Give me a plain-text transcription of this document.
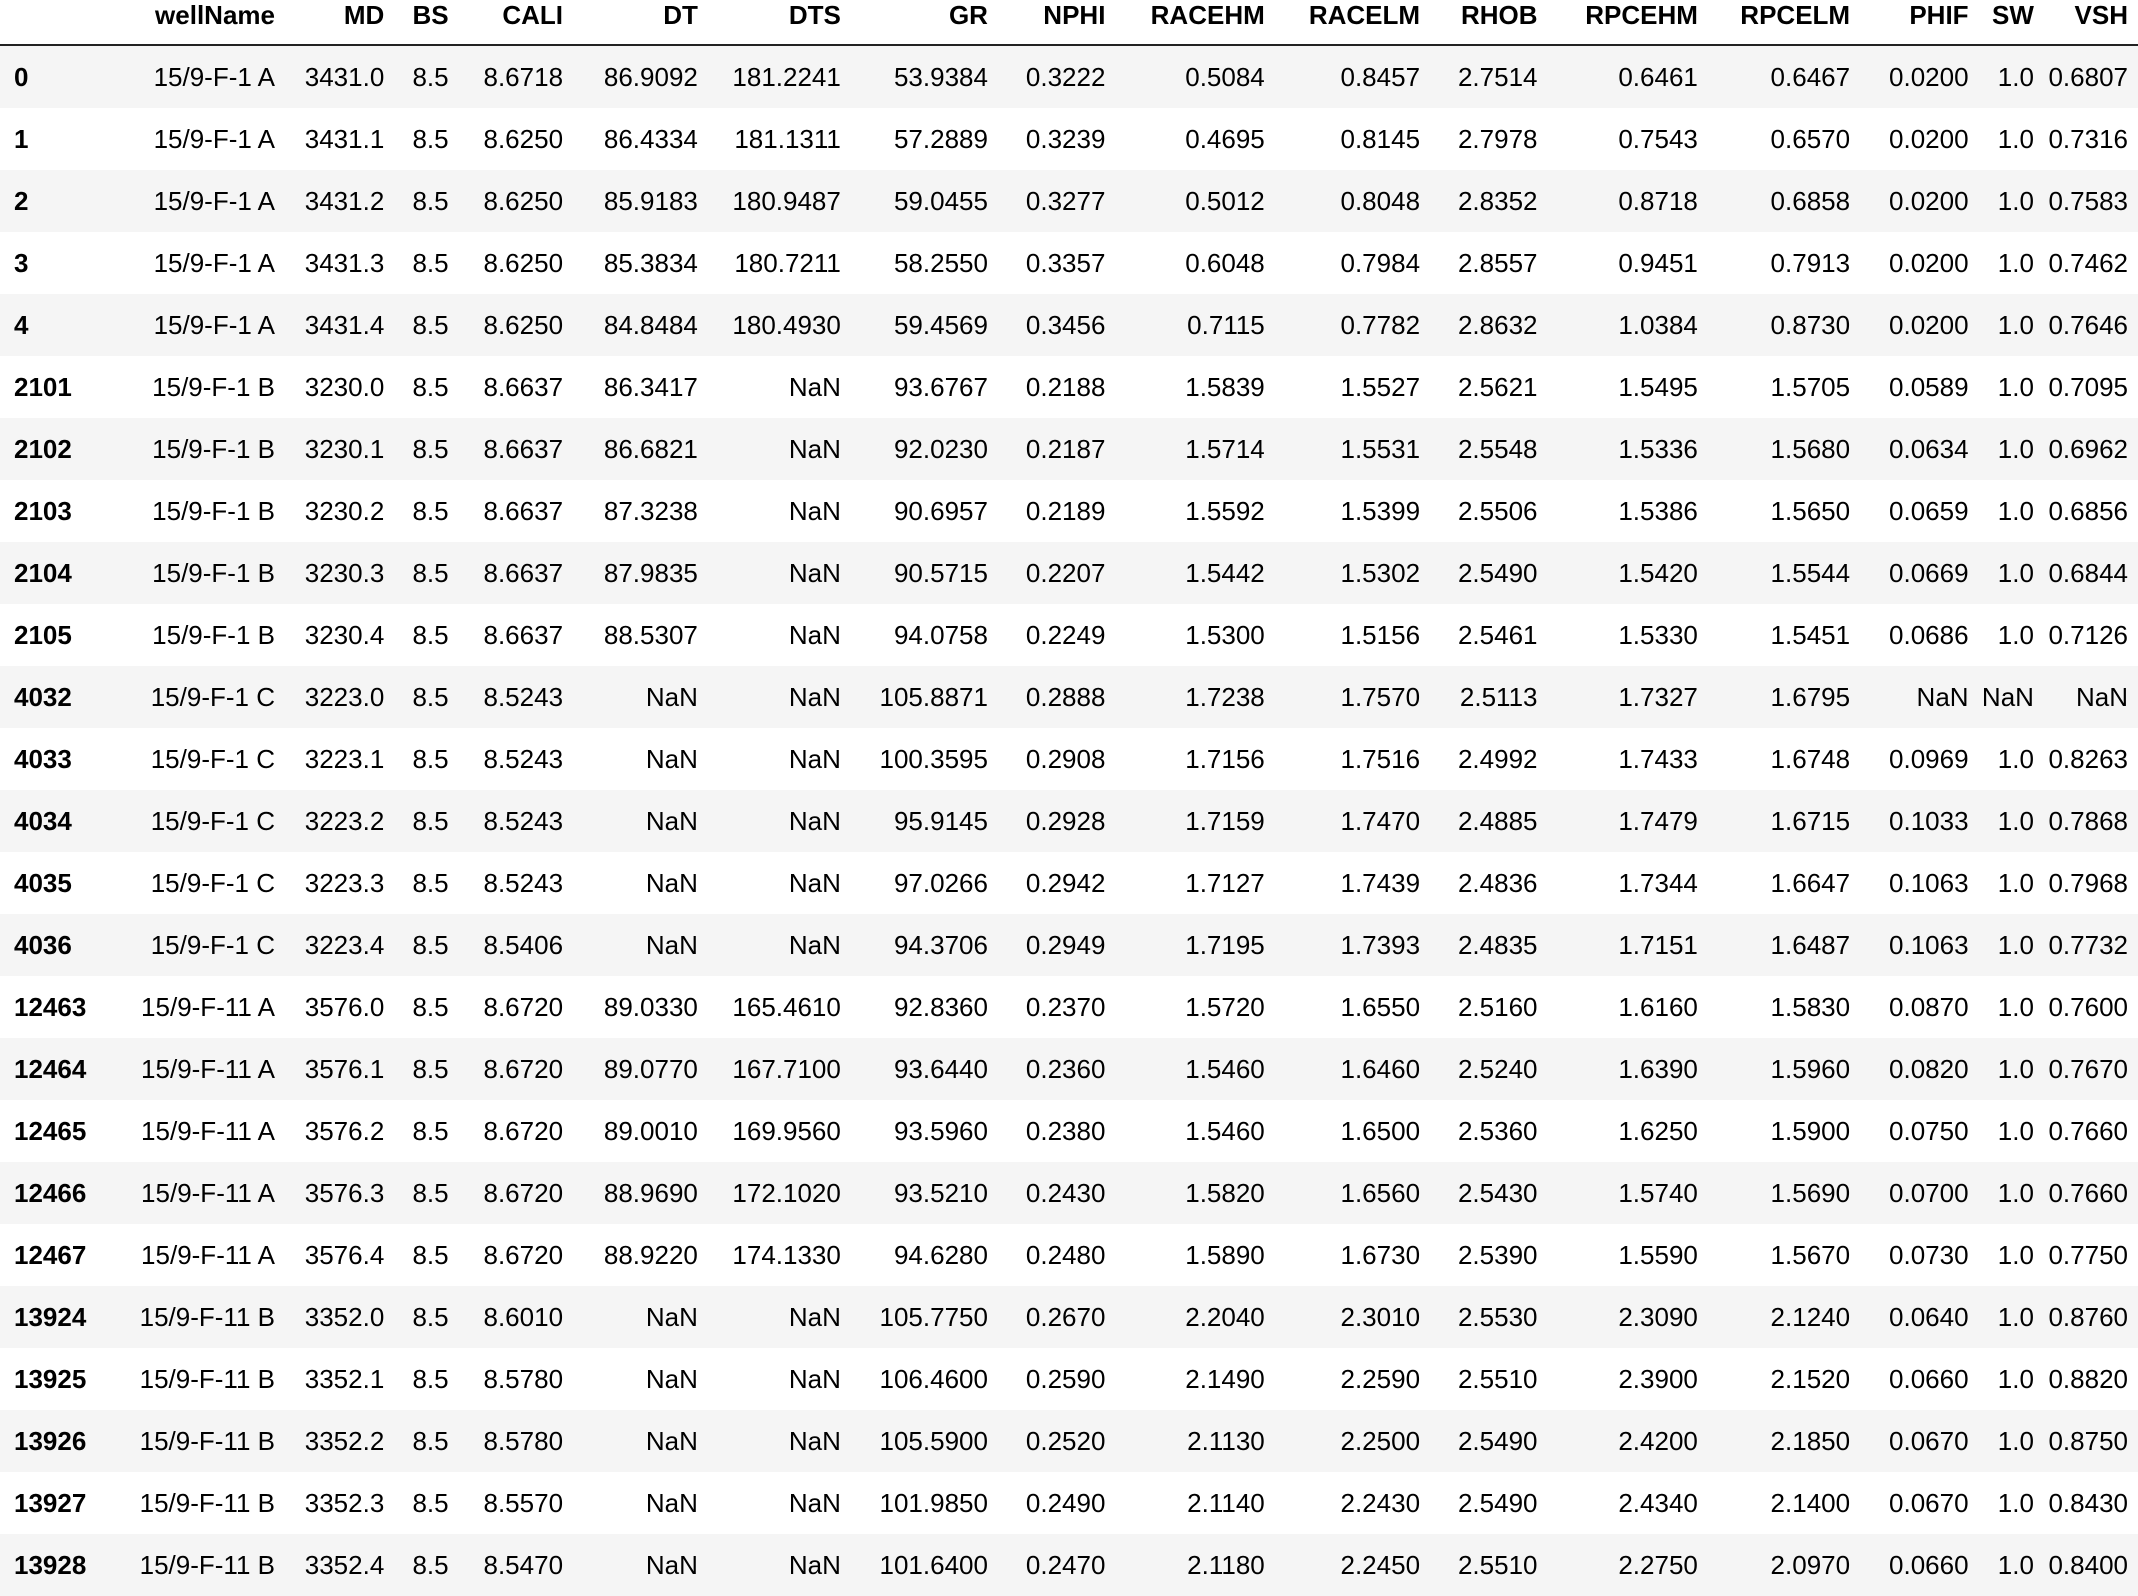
	wellName	MD	BS	CALI	DT	DTS	GR	NPHI	RACEHM	RACELM	RHOB	RPCEHM	RPCELM	PHIF	SW	VSH
0	15/9-F-1 A	3431.0	8.5	8.6718	86.9092	181.2241	53.9384	0.3222	0.5084	0.8457	2.7514	0.6461	0.6467	0.0200	1.0	0.6807
1	15/9-F-1 A	3431.1	8.5	8.6250	86.4334	181.1311	57.2889	0.3239	0.4695	0.8145	2.7978	0.7543	0.6570	0.0200	1.0	0.7316
2	15/9-F-1 A	3431.2	8.5	8.6250	85.9183	180.9487	59.0455	0.3277	0.5012	0.8048	2.8352	0.8718	0.6858	0.0200	1.0	0.7583
3	15/9-F-1 A	3431.3	8.5	8.6250	85.3834	180.7211	58.2550	0.3357	0.6048	0.7984	2.8557	0.9451	0.7913	0.0200	1.0	0.7462
4	15/9-F-1 A	3431.4	8.5	8.6250	84.8484	180.4930	59.4569	0.3456	0.7115	0.7782	2.8632	1.0384	0.8730	0.0200	1.0	0.7646
2101	15/9-F-1 B	3230.0	8.5	8.6637	86.3417	NaN	93.6767	0.2188	1.5839	1.5527	2.5621	1.5495	1.5705	0.0589	1.0	0.7095
2102	15/9-F-1 B	3230.1	8.5	8.6637	86.6821	NaN	92.0230	0.2187	1.5714	1.5531	2.5548	1.5336	1.5680	0.0634	1.0	0.6962
2103	15/9-F-1 B	3230.2	8.5	8.6637	87.3238	NaN	90.6957	0.2189	1.5592	1.5399	2.5506	1.5386	1.5650	0.0659	1.0	0.6856
2104	15/9-F-1 B	3230.3	8.5	8.6637	87.9835	NaN	90.5715	0.2207	1.5442	1.5302	2.5490	1.5420	1.5544	0.0669	1.0	0.6844
2105	15/9-F-1 B	3230.4	8.5	8.6637	88.5307	NaN	94.0758	0.2249	1.5300	1.5156	2.5461	1.5330	1.5451	0.0686	1.0	0.7126
4032	15/9-F-1 C	3223.0	8.5	8.5243	NaN	NaN	105.8871	0.2888	1.7238	1.7570	2.5113	1.7327	1.6795	NaN	NaN	NaN
4033	15/9-F-1 C	3223.1	8.5	8.5243	NaN	NaN	100.3595	0.2908	1.7156	1.7516	2.4992	1.7433	1.6748	0.0969	1.0	0.8263
4034	15/9-F-1 C	3223.2	8.5	8.5243	NaN	NaN	95.9145	0.2928	1.7159	1.7470	2.4885	1.7479	1.6715	0.1033	1.0	0.7868
4035	15/9-F-1 C	3223.3	8.5	8.5243	NaN	NaN	97.0266	0.2942	1.7127	1.7439	2.4836	1.7344	1.6647	0.1063	1.0	0.7968
4036	15/9-F-1 C	3223.4	8.5	8.5406	NaN	NaN	94.3706	0.2949	1.7195	1.7393	2.4835	1.7151	1.6487	0.1063	1.0	0.7732
12463	15/9-F-11 A	3576.0	8.5	8.6720	89.0330	165.4610	92.8360	0.2370	1.5720	1.6550	2.5160	1.6160	1.5830	0.0870	1.0	0.7600
12464	15/9-F-11 A	3576.1	8.5	8.6720	89.0770	167.7100	93.6440	0.2360	1.5460	1.6460	2.5240	1.6390	1.5960	0.0820	1.0	0.7670
12465	15/9-F-11 A	3576.2	8.5	8.6720	89.0010	169.9560	93.5960	0.2380	1.5460	1.6500	2.5360	1.6250	1.5900	0.0750	1.0	0.7660
12466	15/9-F-11 A	3576.3	8.5	8.6720	88.9690	172.1020	93.5210	0.2430	1.5820	1.6560	2.5430	1.5740	1.5690	0.0700	1.0	0.7660
12467	15/9-F-11 A	3576.4	8.5	8.6720	88.9220	174.1330	94.6280	0.2480	1.5890	1.6730	2.5390	1.5590	1.5670	0.0730	1.0	0.7750
13924	15/9-F-11 B	3352.0	8.5	8.6010	NaN	NaN	105.7750	0.2670	2.2040	2.3010	2.5530	2.3090	2.1240	0.0640	1.0	0.8760
13925	15/9-F-11 B	3352.1	8.5	8.5780	NaN	NaN	106.4600	0.2590	2.1490	2.2590	2.5510	2.3900	2.1520	0.0660	1.0	0.8820
13926	15/9-F-11 B	3352.2	8.5	8.5780	NaN	NaN	105.5900	0.2520	2.1130	2.2500	2.5490	2.4200	2.1850	0.0670	1.0	0.8750
13927	15/9-F-11 B	3352.3	8.5	8.5570	NaN	NaN	101.9850	0.2490	2.1140	2.2430	2.5490	2.4340	2.1400	0.0670	1.0	0.8430
13928	15/9-F-11 B	3352.4	8.5	8.5470	NaN	NaN	101.6400	0.2470	2.1180	2.2450	2.5510	2.2750	2.0970	0.0660	1.0	0.8400
